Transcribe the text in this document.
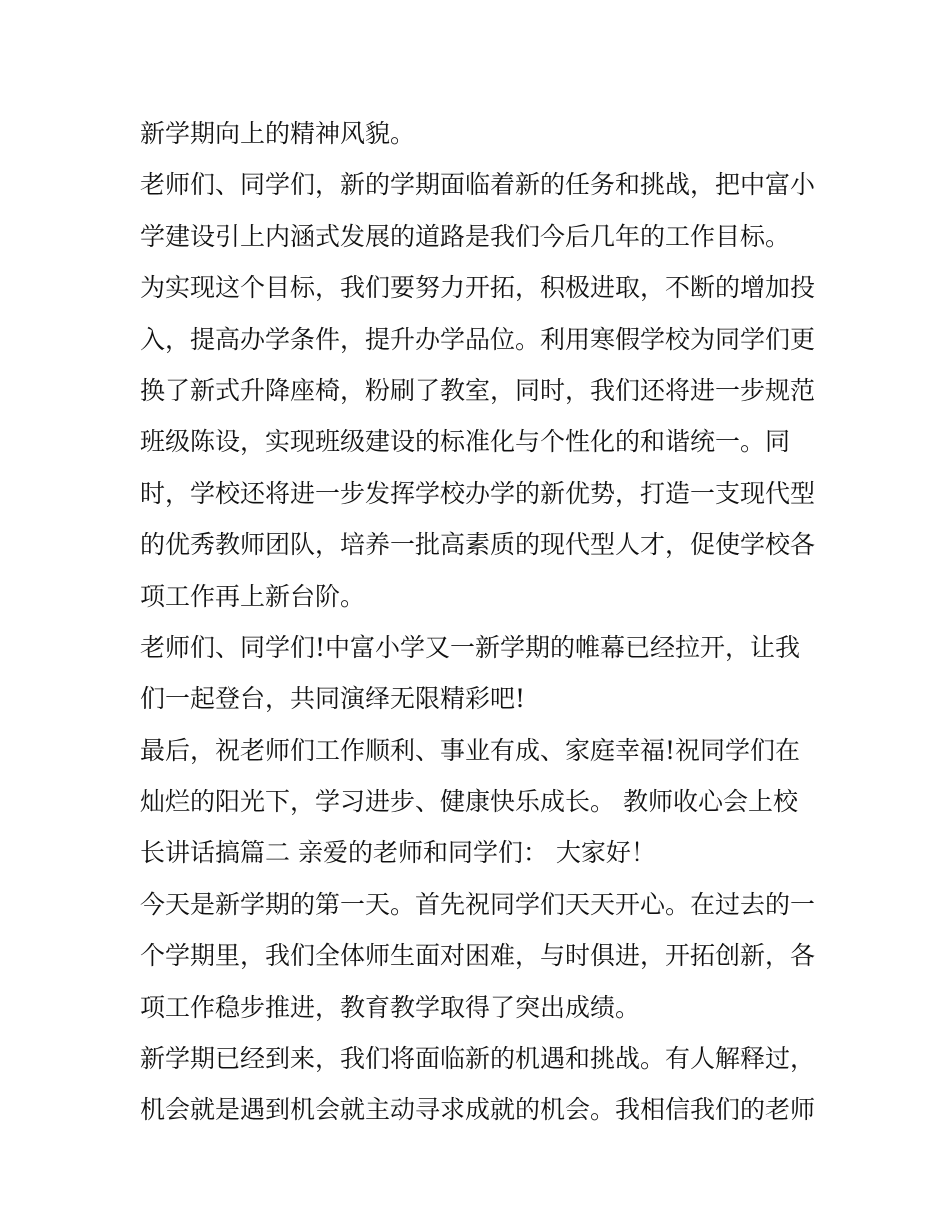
新学期向上的精神风貌。
老师们、同学们，新的学期面临着新的任务和挑战，把中富小
学建设引上内涵式发展的道路是我们今后几年的工作目标。
为实现这个目标，我们要努力开拓，积极进取，不断的增加投
入，提高办学条件，提升办学品位。利用寒假学校为同学们更
换了新式升降座椅，粉刷了教室，同时，我们还将进一步规范
班级陈设，实现班级建设的标准化与个性化的和谐统一。同
时，学校还将进一步发挥学校办学的新优势，打造一支现代型
的优秀教师团队，培养一批高素质的现代型人才，促使学校各
项工作再上新台阶。
老师们、同学们!中富小学又一新学期的帷幕已经拉开，让我
们一起登台，共同演绎无限精彩吧!
最后，祝老师们工作顺利、事业有成、家庭幸福!祝同学们在
灿烂的阳光下，学习进步、健康快乐成长。 教师收心会上校
长讲话搞篇二 亲爱的老师和同学们： 大家好！
今天是新学期的第一天。首先祝同学们天天开心。在过去的一
个学期里，我们全体师生面对困难，与时俱进，开拓创新，各
项工作稳步推进，教育教学取得了突出成绩。
新学期已经到来，我们将面临新的机遇和挑战。有人解释过，
机会就是遇到机会就主动寻求成就的机会。我相信我们的老师
